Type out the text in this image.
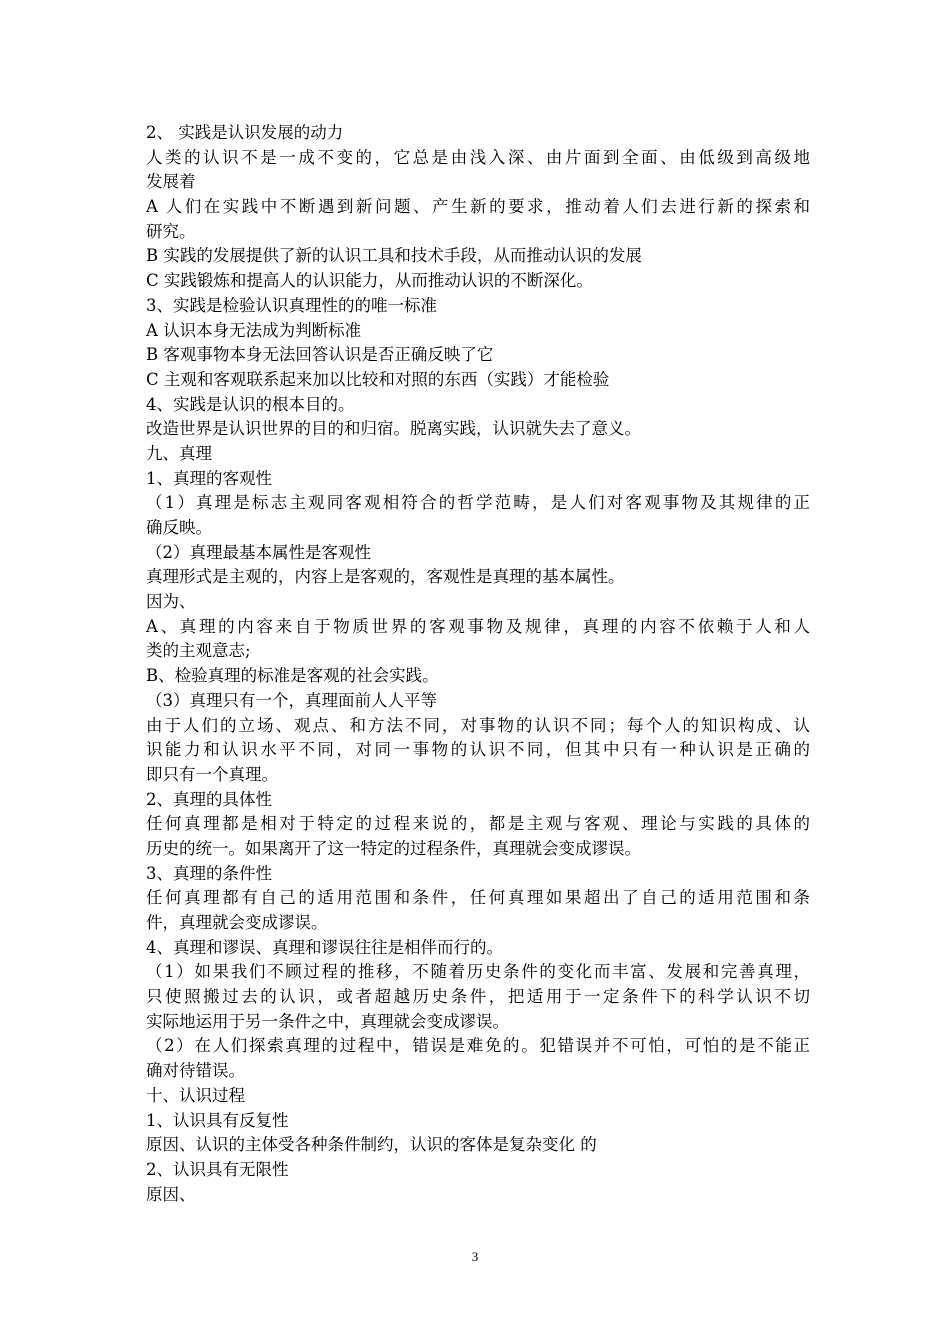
2、 实践是认识发展的动力
人类的认识不是一成不变的，它总是由浅入深、由片面到全面、由低级到高级地
发展着
A 人们在实践中不断遇到新问题、产生新的要求，推动着人们去进行新的探索和
研究。
B 实践的发展提供了新的认识工具和技术手段，从而推动认识的发展
C 实践锻炼和提高人的认识能力，从而推动认识的不断深化。
3、实践是检验认识真理性的的唯一标准
A 认识本身无法成为判断标准
B 客观事物本身无法回答认识是否正确反映了它
C 主观和客观联系起来加以比较和对照的东西（实践）才能检验
4、实践是认识的根本目的。
改造世界是认识世界的目的和归宿。脱离实践，认识就失去了意义。
九、真理
1、真理的客观性
（1）真理是标志主观同客观相符合的哲学范畴，是人们对客观事物及其规律的正
确反映。
（2）真理最基本属性是客观性
真理形式是主观的，内容上是客观的，客观性是真理的基本属性。
因为、
A、真理的内容来自于物质世界的客观事物及规律，真理的内容不依赖于人和人
类的主观意志;
B、检验真理的标准是客观的社会实践。
（3）真理只有一个，真理面前人人平等
由于人们的立场、观点、和方法不同，对事物的认识不同；每个人的知识构成、认
识能力和认识水平不同，对同一事物的认识不同，但其中只有一种认识是正确的
即只有一个真理。
2、真理的具体性
任何真理都是相对于特定的过程来说的，都是主观与客观、理论与实践的具体的
历史的统一。如果离开了这一特定的过程条件，真理就会变成谬误。
3、真理的条件性
任何真理都有自己的适用范围和条件，任何真理如果超出了自己的适用范围和条
件，真理就会变成谬误。
4、真理和谬误、真理和谬误往往是相伴而行的。
（1）如果我们不顾过程的推移，不随着历史条件的变化而丰富、发展和完善真理，
只使照搬过去的认识，或者超越历史条件，把适用于一定条件下的科学认识不切
实际地运用于另一条件之中，真理就会变成谬误。
（2）在人们探索真理的过程中，错误是难免的。犯错误并不可怕，可怕的是不能正
确对待错误。
十、认识过程
1、认识具有反复性
原因、认识的主体受各种条件制约，认识的客体是复杂变化 的
2、认识具有无限性
原因、
3
